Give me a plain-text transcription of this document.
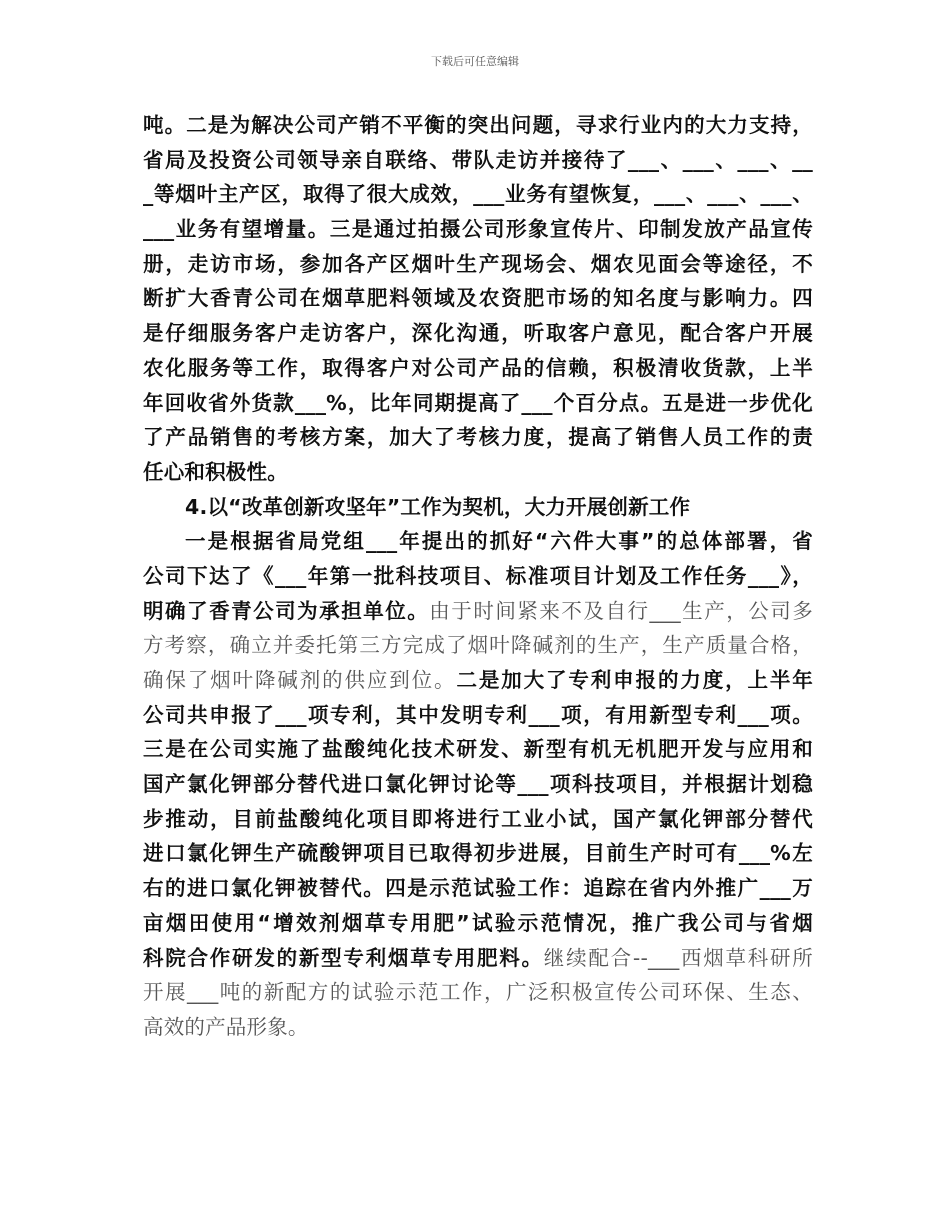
下载后可任意编辑
吨。二是为解决公司产销不平衡的突出问题，寻求行业内的大力支持，
省局及投资公司领导亲自联络、带队走访并接待了___、___、___、__
_等烟叶主产区，取得了很大成效，___业务有望恢复，___、___、___、
___业务有望增量。三是通过拍摄公司形象宣传片、印制发放产品宣传
册，走访市场，参加各产区烟叶生产现场会、烟农见面会等途径，不
断扩大香青公司在烟草肥料领域及农资肥市场的知名度与影响力。四
是仔细服务客户走访客户，深化沟通，听取客户意见，配合客户开展
农化服务等工作，取得客户对公司产品的信赖，积极清收货款，上半
年回收省外货款___%，比年同期提高了___个百分点。五是进一步优化
了产品销售的考核方案，加大了考核力度，提高了销售人员工作的责
任心和积极性。
4.以“改革创新攻坚年”工作为契机，大力开展创新工作
一是根据省局党组___年提出的抓好“六件大事”的总体部署，省
公司下达了《___年第一批科技项目、标准项目计划及工作任务___》，
明确了香青公司为承担单位。由于时间紧来不及自行___生产，公司多
方考察，确立并委托第三方完成了烟叶降碱剂的生产，生产质量合格，
确保了烟叶降碱剂的供应到位。二是加大了专利申报的力度，上半年
公司共申报了___项专利，其中发明专利___项，有用新型专利___项。
三是在公司实施了盐酸纯化技术研发、新型有机无机肥开发与应用和
国产氯化钾部分替代进口氯化钾讨论等___项科技项目，并根据计划稳
步推动，目前盐酸纯化项目即将进行工业小试，国产氯化钾部分替代
进口氯化钾生产硫酸钾项目已取得初步进展，目前生产时可有___%左
右的进口氯化钾被替代。四是示范试验工作：追踪在省内外推广___万
亩烟田使用“增效剂烟草专用肥”试验示范情况，推广我公司与省烟
科院合作研发的新型专利烟草专用肥料。继续配合--___西烟草科研所
开展___吨的新配方的试验示范工作，广泛积极宣传公司环保、生态、
高效的产品形象。
